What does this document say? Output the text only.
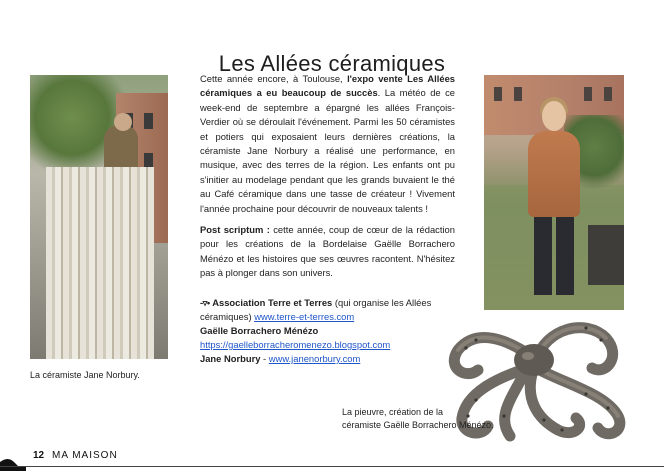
Les Allées céramiques
La céramiste Jane Norbury.

Cette année encore, à Toulouse, l'expo vente Les Allées céramiques a eu beaucoup de succès. La météo de ce week-end de septembre a épargné les allées François-Verdier où se déroulait l'événement. Parmi les 50 céramistes et potiers qui exposaient leurs dernières créations, la céramiste Jane Norbury a réalisé une performance, en musique, avec des terres de la région. Les enfants ont pu s'initier au modelage pendant que les grands buvaient le thé au Café céramique dans une tasse de créateur ! Vivement l'année prochaine pour découvrir de nouveaux talents !

Post scriptum : cette année, coup de cœur de la rédaction pour les créations de la Bordelaise Gaëlle Borrachero Ménézo et les histoires que ses œuvres racontent. N'hésitez pas à plonger dans son univers.

-▿• Association Terre et Terres (qui organise les Allées céramiques) www.terre-et-terres.com
Gaëlle Borrachero Ménézo
https://gaelleborracheromenezo.blogspot.com
Jane Norbury - www.janenorbury.com
La pieuvre, création de la
céramiste Gaëlle Borrachero Ménézo.
12 MA MAISON
